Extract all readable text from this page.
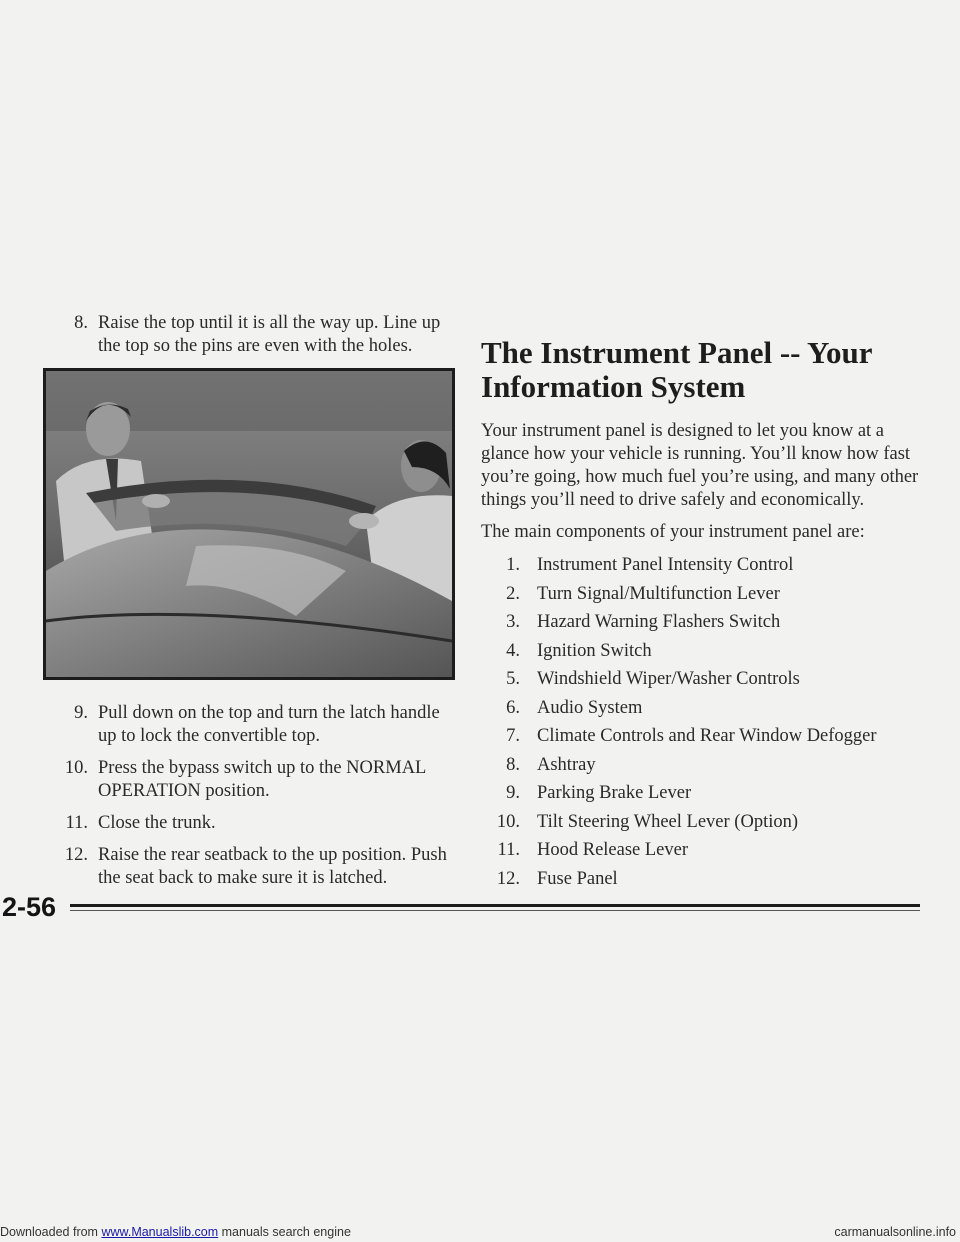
8. Raise the top until it is all the way up. Line up the top so the pins are even with the holes.
9. Pull down on the top and turn the latch handle up to lock the convertible top.
10. Press the bypass switch up to the NORMAL OPERATION position.
11. Close the trunk.
12. Raise the rear seatback to the up position. Push the seat back to make sure it is latched.
The Instrument Panel -- Your Information System

Your instrument panel is designed to let you know at a glance how your vehicle is running. You’ll know how fast you’re going, how much fuel you’re using, and many other things you’ll need to drive safely and economically.

The main components of your instrument panel are:

1. Instrument Panel Intensity Control
2. Turn Signal/Multifunction Lever
3. Hazard Warning Flashers Switch
4. Ignition Switch
5. Windshield Wiper/Washer Controls
6. Audio System
7. Climate Controls and Rear Window Defogger
8. Ashtray
9. Parking Brake Lever
10. Tilt Steering Wheel Lever (Option)
11. Hood Release Lever
12. Fuse Panel
2-56
Downloaded from www.Manualslib.com manuals search engine	carmanualsonline.info
